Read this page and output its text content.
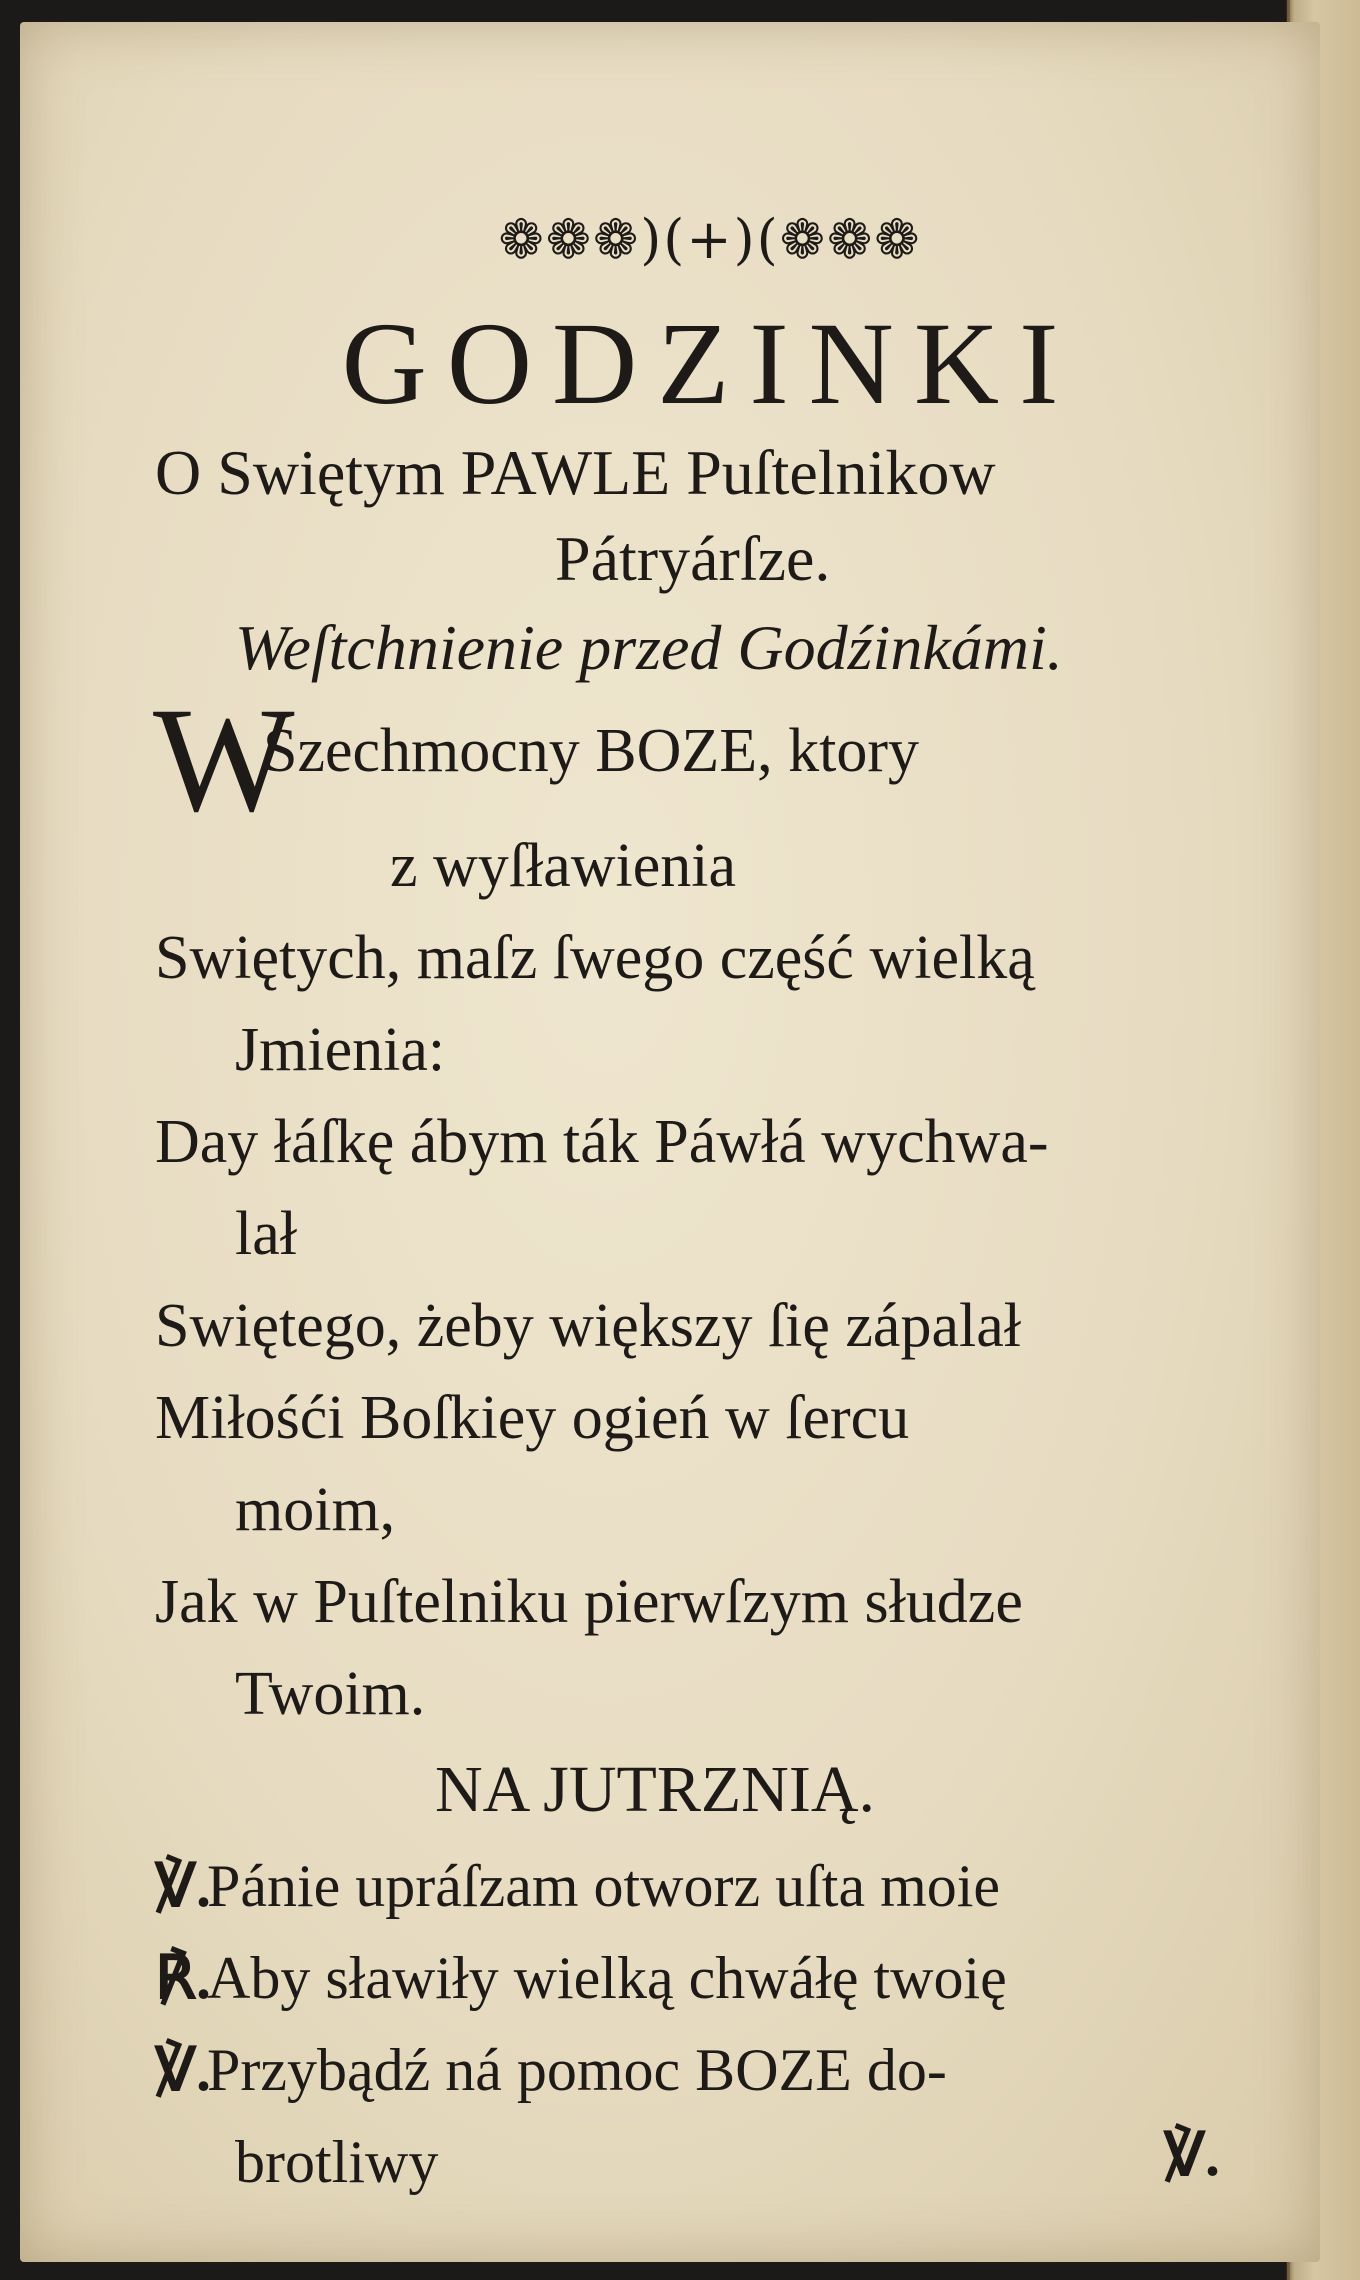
❁❁❁)(+)(❁❁❁
GODZINKI
O Swiętym PAWLE Puſtelnikow
Pátryárſze.
Weſtchnienie przed Godźinkámi.
WSzechmocny BOZE, ktory
z wyſławienia
Swiętych, maſz ſwego część wielką
Jmienia:
Day łáſkę ábym ták Páwłá wychwa-
lał
Swiętego, żeby większy ſię zápalał
Miłośći Boſkiey ogień w ſercu
moim,
Jak w Puſtelniku pierwſzym słudze
Twoim.
NA JUTRZNIĄ.
℣.Pánie upráſzam otworz uſta moie
℟.Aby sławiły wielką chwáłę twoię
℣.Przybądź ná pomoc BOZE do-
brotliwy	℣.
